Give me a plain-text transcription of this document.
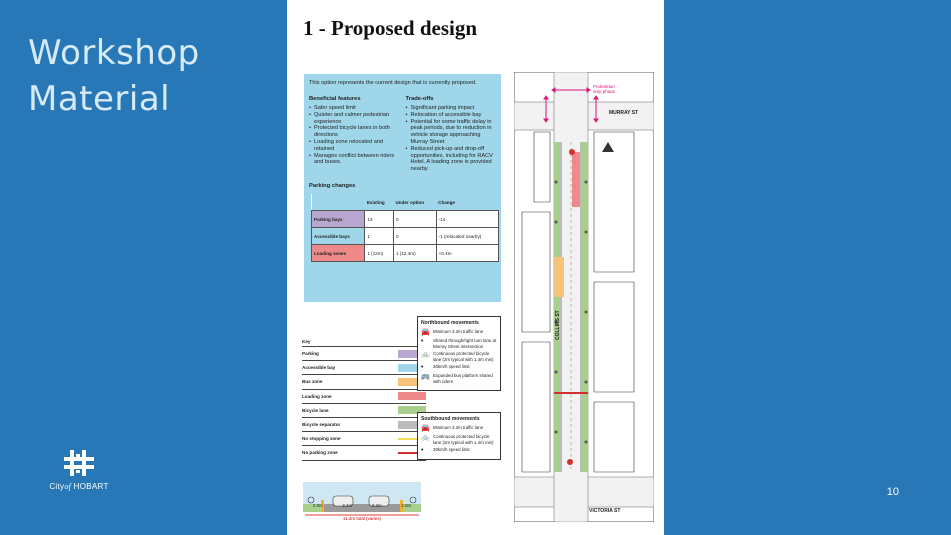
Workshop
Material
Cityof HOBART	10
1 - Proposed design
This option represents the current design that is currently proposed.
Beneficial features
• Safer speed limit
• Quieter and calmer pedestrian experience
• Protected bicycle lanes in both directions
• Loading zone relocated and retained
• Manages conflict between riders and buses.
Trade-offs
• Significant parking impact
• Relocation of accessible bay
• Potential for some traffic delay in peak periods, due to reduction in vehicle storage approaching Murray Street
• Reduced pick-up and drop-off opportunities, including for RACV Hotel. A loading zone is provided nearby.
Parking changes
	Existing	Under option	Change
Parking bays	14	0	-14
Accessible bays	1	0	-1 (relocated nearby)
Loading zones	1 (12m)	1 (12.4m)	+0.4m
Key
Parking
Accessible bay
Bus zone
Loading zone
Bicycle lane
Bicycle separator
No stopping zone
No parking zone
2.0m	3.4m	3.3m	2.0m
11.2m total (varies)
Northbound movements
🚘 Minimum 3.2m traffic lane
•	Shared through/right turn lane at Murray Street intersection
🚲 Continuous protected bicycle lane (2m typical with 1.4m min)
•	30km/h speed limit
🚌 Expanded bus platform shared with riders
Southbound movements
🚘 Minimum 3.2m traffic lane
🚲 Continuous protected bicycle lane (2m typical with 1.4m min)
•	30km/h speed limit
Pedestrian only phase
MURRAY ST
COLLINS ST
VICTORIA ST
